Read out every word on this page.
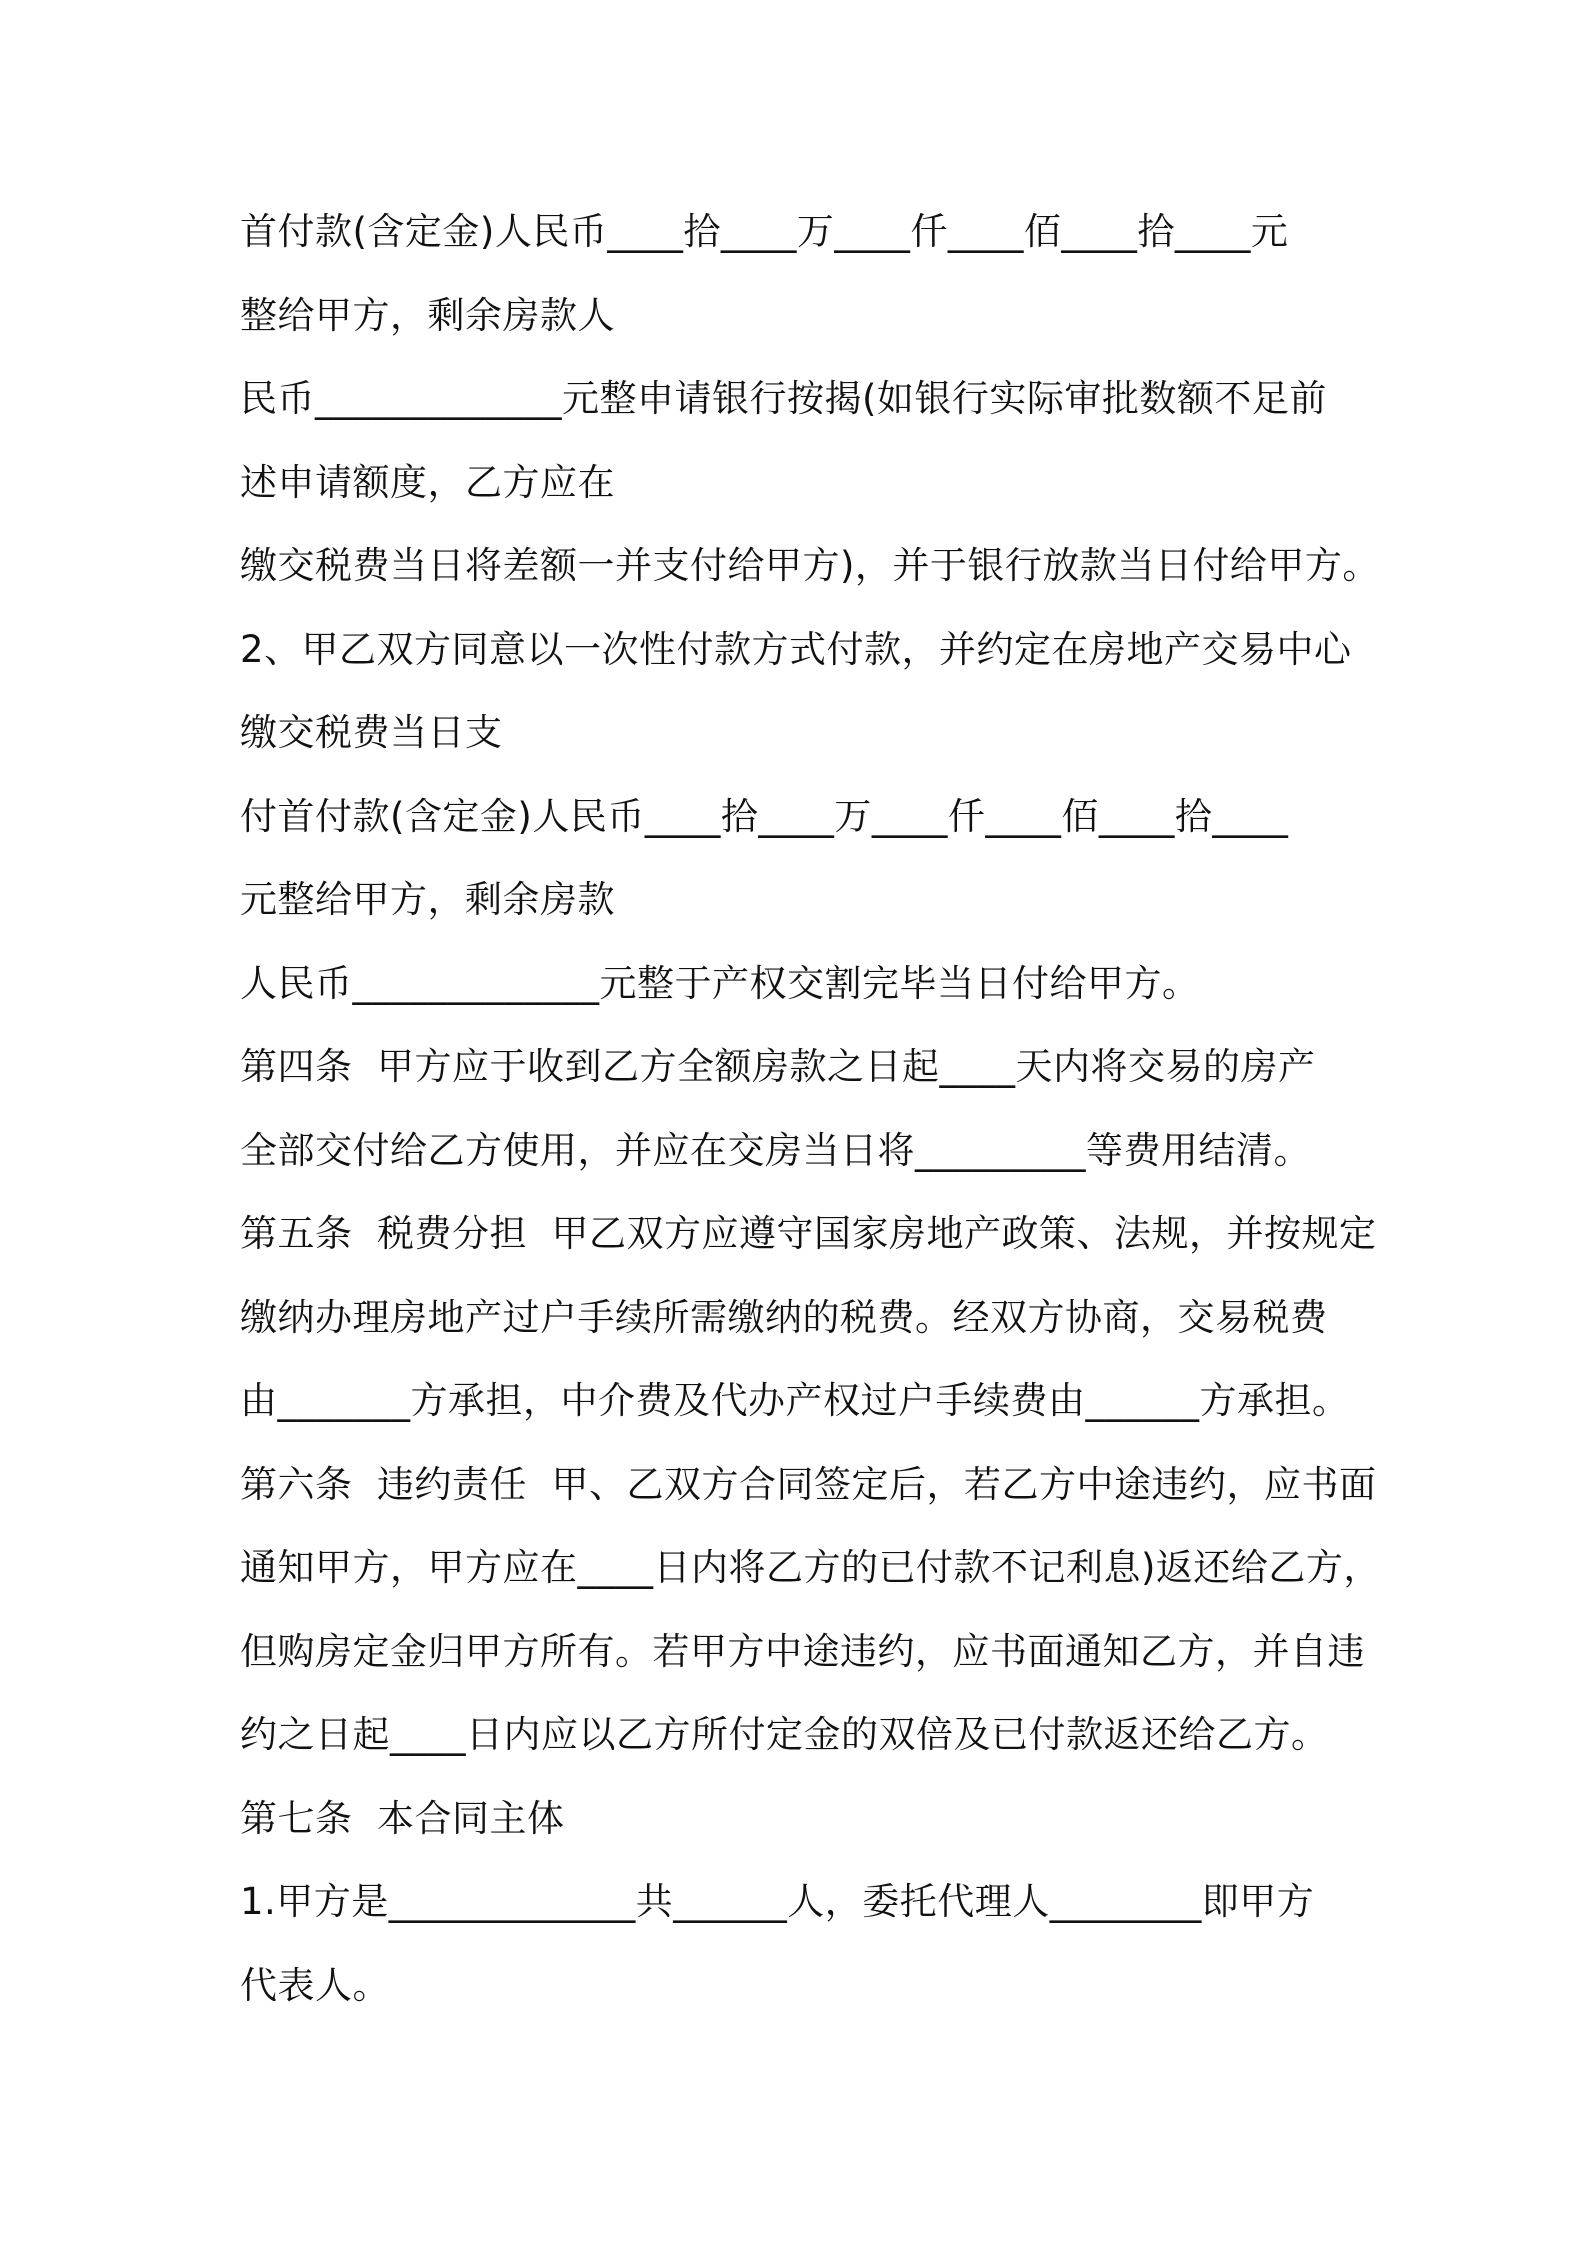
首付款(含定金)人民币____拾____万____仟____佰____拾____元
整给甲方，剩余房款人
民币_____________元整申请银行按揭(如银行实际审批数额不足前
述申请额度，乙方应在
缴交税费当日将差额一并支付给甲方)，并于银行放款当日付给甲方。
2、甲乙双方同意以一次性付款方式付款，并约定在房地产交易中心
缴交税费当日支
付首付款(含定金)人民币____拾____万____仟____佰____拾____
元整给甲方，剩余房款
人民币_____________元整于产权交割完毕当日付给甲方。
第四条  甲方应于收到乙方全额房款之日起____天内将交易的房产
全部交付给乙方使用，并应在交房当日将_________等费用结清。
第五条  税费分担  甲乙双方应遵守国家房地产政策、法规，并按规定
缴纳办理房地产过户手续所需缴纳的税费。经双方协商，交易税费
由_______方承担，中介费及代办产权过户手续费由______方承担。
第六条  违约责任  甲、乙双方合同签定后，若乙方中途违约，应书面
通知甲方，甲方应在____日内将乙方的已付款不记利息)返还给乙方，
但购房定金归甲方所有。若甲方中途违约，应书面通知乙方，并自违
约之日起____日内应以乙方所付定金的双倍及已付款返还给乙方。
第七条  本合同主体
1.甲方是_____________共______人，委托代理人________即甲方
代表人。
